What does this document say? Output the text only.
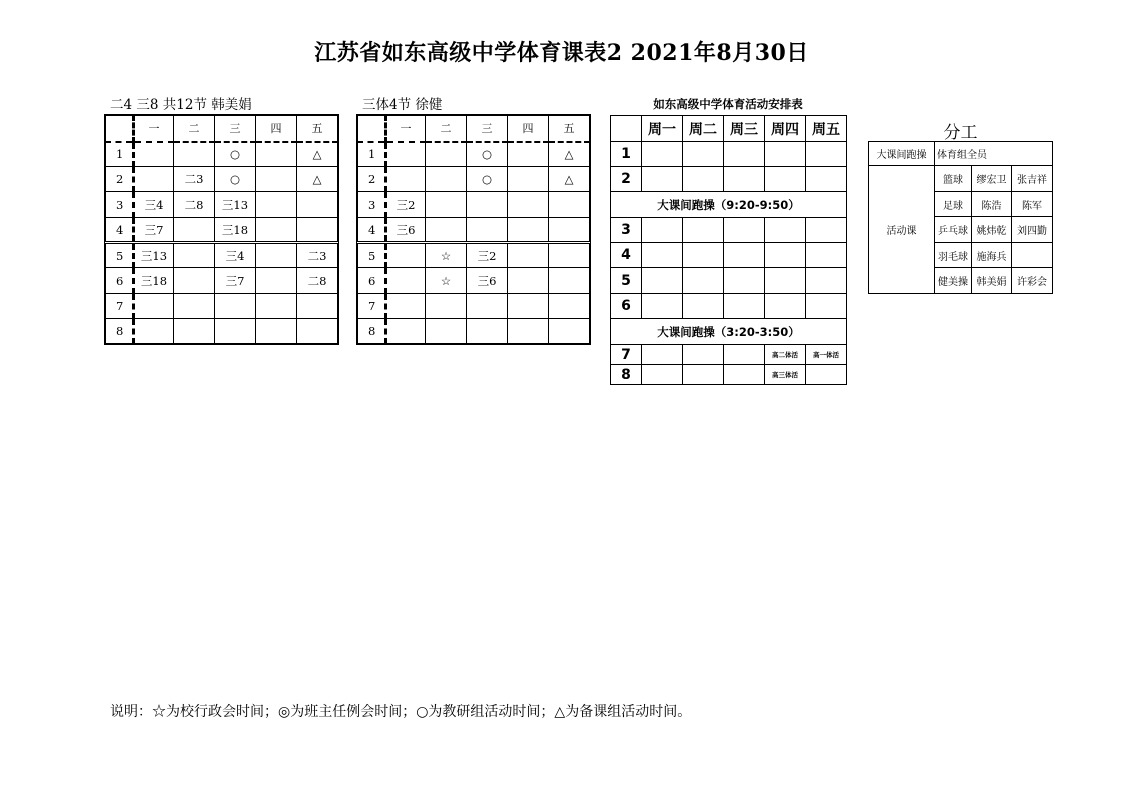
江苏省如东高级中学体育课表2 2021年8月30日
二4 三8 共12节 韩美娟
	一	二	三	四	五
1			○		△
2		二3	○		△
3	三4	二8	三13		
4	三7		三18		
5	三13		三4		二3
6	三18		三7		二8
7					
8					
三体4节 徐健
	一	二	三	四	五
1			○		△
2			○		△
3	三2				
4	三6				
5		☆	三2		
6		☆	三6		
7					
8					
如东高级中学体育活动安排表
	周一	周二	周三	周四	周五
1					
2					
大课间跑操（9:20-9:50）					
3					
4					
5					
6					
大课间跑操（3:20-3:50）					
7				高二体活	高一体活
8				高三体活	
分工
大课间跑操	体育组全员		
活动课	篮球	缪宏卫	张吉祥
	足球	陈浩	陈军
	乒乓球	姚炜乾	刘四勤
	羽毛球	施海兵	
	健美操	韩美娟	许彩会
说明：☆为校行政会时间；◎为班主任例会时间；○为教研组活动时间；△为备课组活动时间。
